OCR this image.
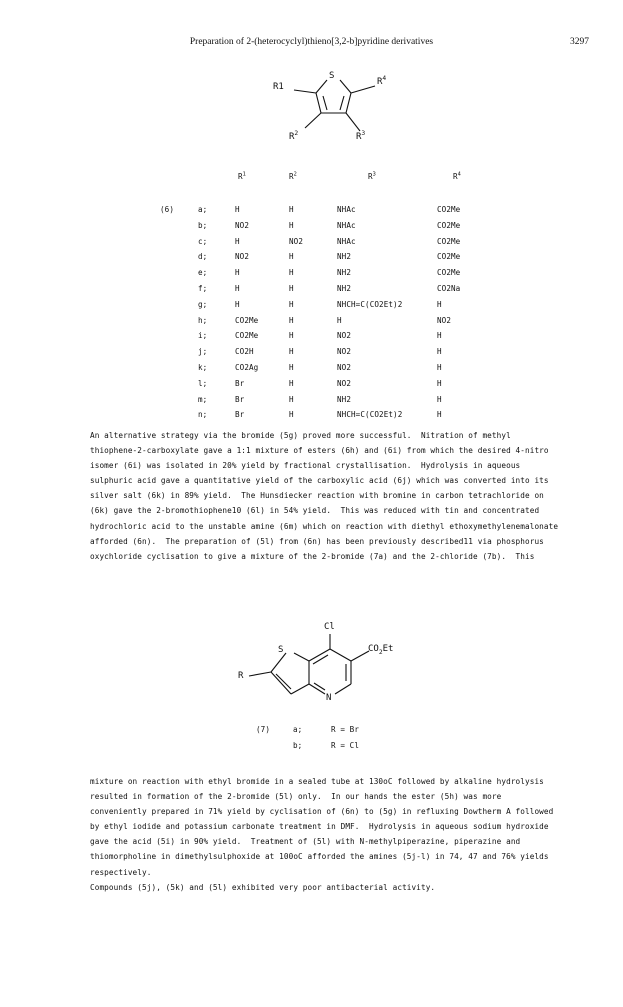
Preparation of 2-(heterocyclyl)thieno[3,2-b]pyridine derivatives	3297
R1
S
$R^4$
$R^2$	$R^3$
$R^1$	$R^2$	$R^3$	$R^4$
(6)	a;	H	H	NHAc	CO2Me
b;	NO2	H	NHAc	CO2Me
c;	H	NO2	NHAc	CO2Me
d;	NO2	H	NH2	CO2Me
e;	H	H	NH2	CO2Me
f;	H	H	NH2	CO2Na
g;	H	H	NHCH=C(CO2Et)2	H
h;	CO2Me	H	H	NO2
i;	CO2Me	H	NO2	H
j;	CO2H	H	NO2	H
k;	CO2Ag	H	NO2	H
l;	Br	H	NO2	H
m;	Br	H	NH2	H
n;	Br	H	NHCH=C(CO2Et)2	H
An alternative strategy via the bromide (5g) proved more successful.  Nitration of methyl
thiophene-2-carboxylate gave a 1:1 mixture of esters (6h) and (6i) from which the desired 4-nitro
isomer (6i) was isolated in 20% yield by fractional crystallisation.  Hydrolysis in aqueous
sulphuric acid gave a quantitative yield of the carboxylic acid (6j) which was converted into its
silver salt (6k) in 89% yield.  The Hunsdiecker reaction with bromine in carbon tetrachloride on
(6k) gave the 2-bromothiophene10 (6l) in 54% yield.  This was reduced with tin and concentrated
hydrochloric acid to the unstable amine (6m) which on reaction with diethyl ethoxymethylenemalonate
afforded (6n).  The preparation of (5l) from (6n) has been previously described11 via phosphorus
oxychloride cyclisation to give a mixture of the 2-bromide (7a) and the 2-chloride (7b).  This
Cl
S	$CO_2Et$
R
N
(7)	a;	R = Br
b;	R = Cl
mixture on reaction with ethyl bromide in a sealed tube at 130oC followed by alkaline hydrolysis
resulted in formation of the 2-bromide (5l) only.  In our hands the ester (5h) was more
conveniently prepared in 71% yield by cyclisation of (6n) to (5g) in refluxing Dowtherm A followed
by ethyl iodide and potassium carbonate treatment in DMF.  Hydrolysis in aqueous sodium hydroxide
gave the acid (5i) in 90% yield.  Treatment of (5l) with N-methylpiperazine, piperazine and
thiomorpholine in dimethylsulphoxide at 100oC afforded the amines (5j-l) in 74, 47 and 76% yields
respectively.
Compounds (5j), (5k) and (5l) exhibited very poor antibacterial activity.
